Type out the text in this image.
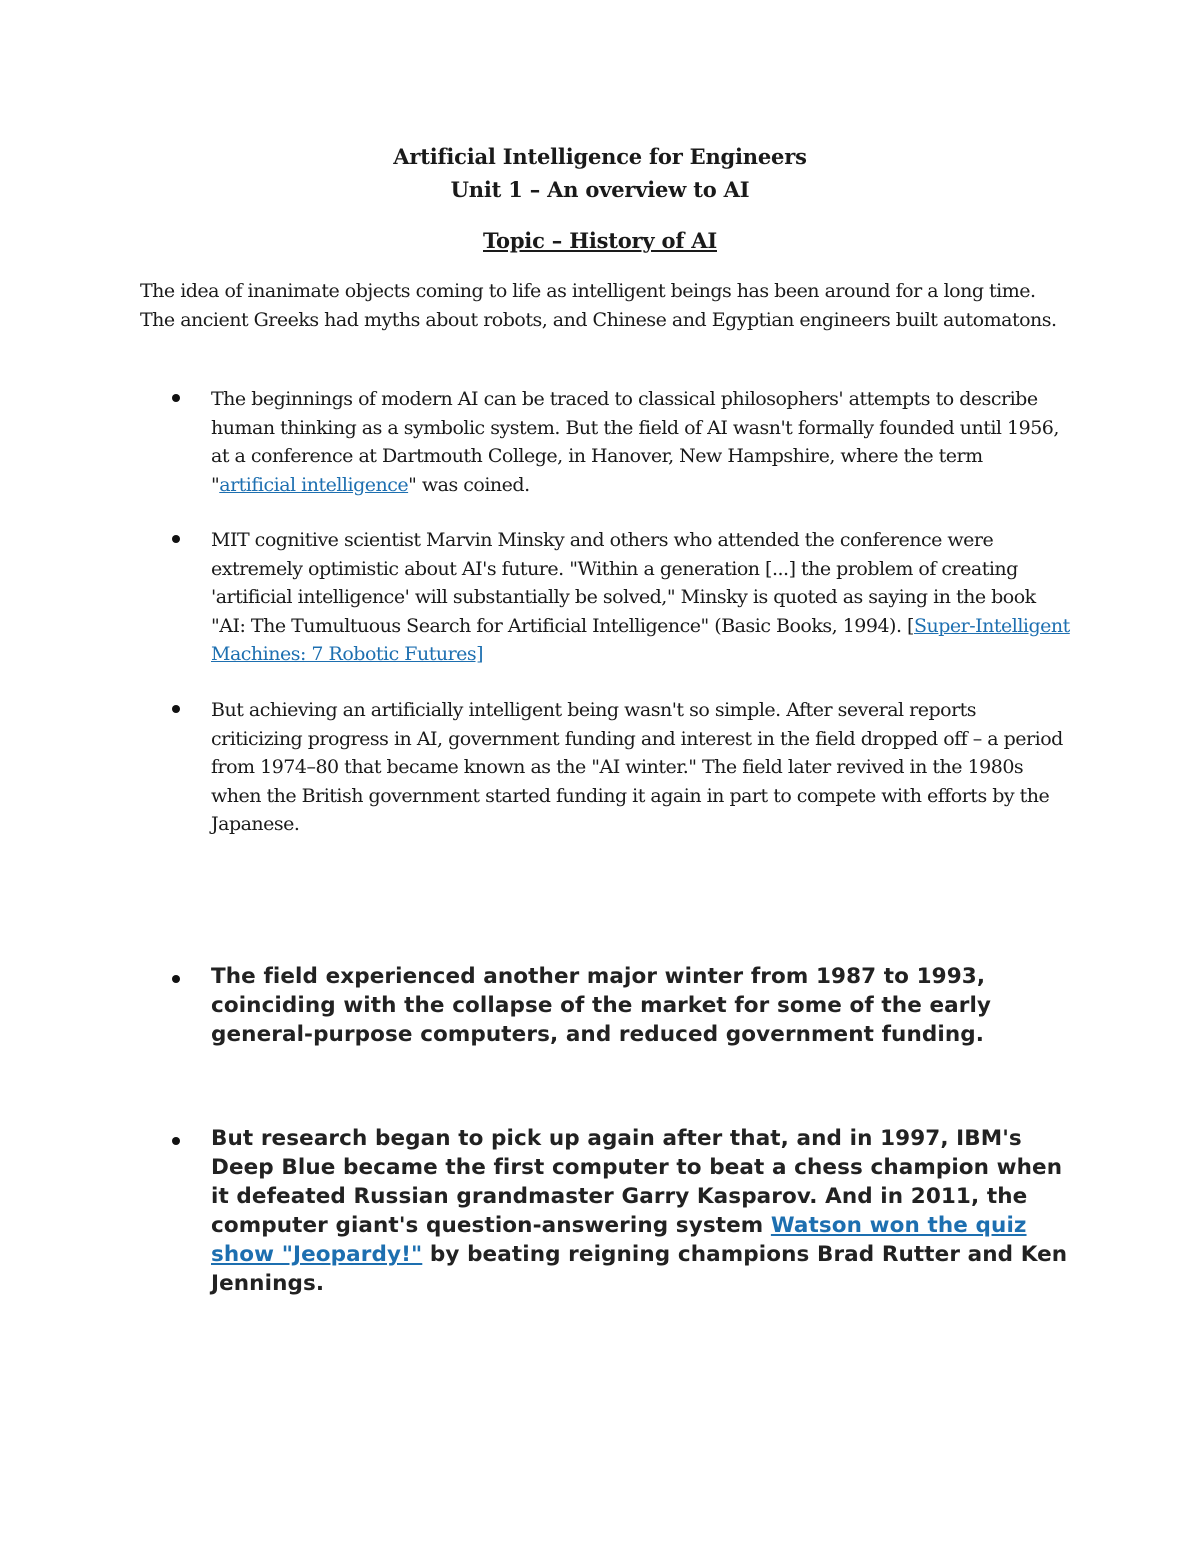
Artificial Intelligence for Engineers
Unit 1 – An overview to AI
Topic – History of AI
The idea of inanimate objects coming to life as intelligent beings has been around for a long time. The ancient Greeks had myths about robots, and Chinese and Egyptian engineers built automatons.
The beginnings of modern AI can be traced to classical philosophers' attempts to describe human thinking as a symbolic system. But the field of AI wasn't formally founded until 1956, at a conference at Dartmouth College, in Hanover, New Hampshire, where the term "artificial intelligence" was coined.
MIT cognitive scientist Marvin Minsky and others who attended the conference were extremely optimistic about AI's future. "Within a generation [...] the problem of creating 'artificial intelligence' will substantially be solved," Minsky is quoted as saying in the book "AI: The Tumultuous Search for Artificial Intelligence" (Basic Books, 1994). [Super-Intelligent Machines: 7 Robotic Futures]
But achieving an artificially intelligent being wasn't so simple. After several reports criticizing progress in AI, government funding and interest in the field dropped off – a period from 1974–80 that became known as the "AI winter." The field later revived in the 1980s when the British government started funding it again in part to compete with efforts by the Japanese.
The field experienced another major winter from 1987 to 1993, coinciding with the collapse of the market for some of the early general-purpose computers, and reduced government funding.
But research began to pick up again after that, and in 1997, IBM's Deep Blue became the first computer to beat a chess champion when it defeated Russian grandmaster Garry Kasparov. And in 2011, the computer giant's question-answering system Watson won the quiz show "Jeopardy!" by beating reigning champions Brad Rutter and Ken Jennings.
